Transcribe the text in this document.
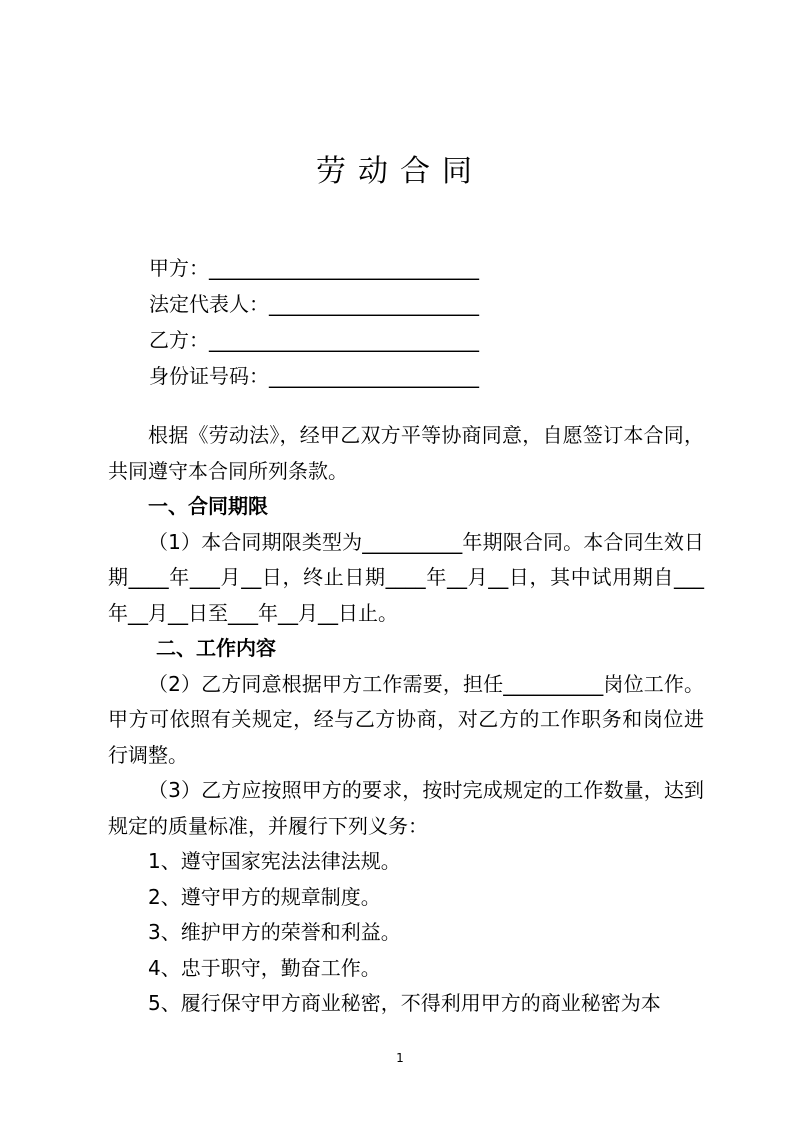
劳动合同
甲方：___________________________
法定代表人：_____________________
乙方：___________________________
身份证号码：_____________________

根据《劳动法》，经甲乙双方平等协商同意，自愿签订本合同，共同遵守本合同所列条款。

一、合同期限

（1）本合同期限类型为__________年期限合同。本合同生效日期____年___月__日，终止日期____年__月__日，其中试用期自___年__月__日至___年__月__日止。

二、工作内容

（2）乙方同意根据甲方工作需要，担任__________岗位工作。甲方可依照有关规定，经与乙方协商，对乙方的工作职务和岗位进行调整。

（3）乙方应按照甲方的要求，按时完成规定的工作数量，达到规定的质量标准，并履行下列义务：

1、遵守国家宪法法律法规。

2、遵守甲方的规章制度。

3、维护甲方的荣誉和利益。

4、忠于职守，勤奋工作。

5、履行保守甲方商业秘密，不得利用甲方的商业秘密为本

1
